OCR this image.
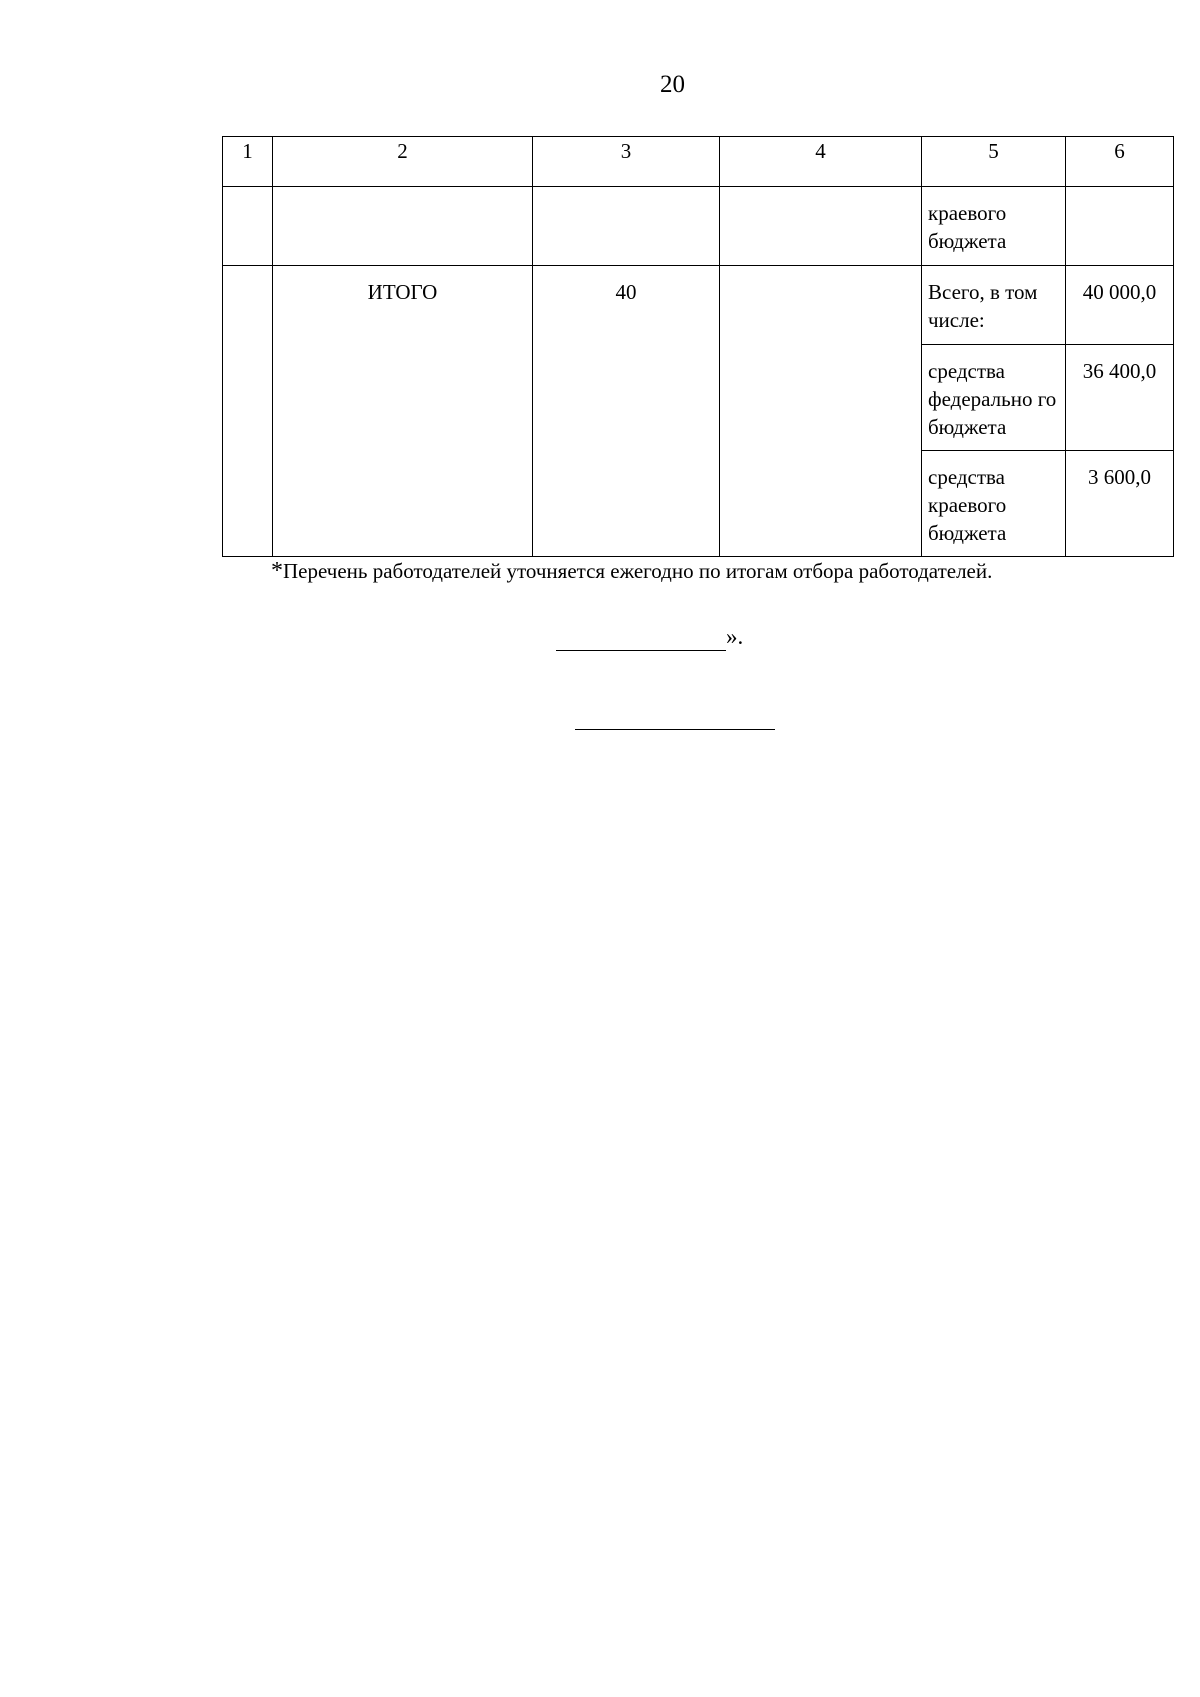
20
1	2	3	4	5	6

				краевого бюджета	

	ИТОГО	40		Всего, в том числе:	40 000,0

				средства федерально го бюджета	36 400,0

				средства краевого бюджета	3 600,0
*Перечень работодателей уточняется ежегодно по итогам отбора работодателей.
».
